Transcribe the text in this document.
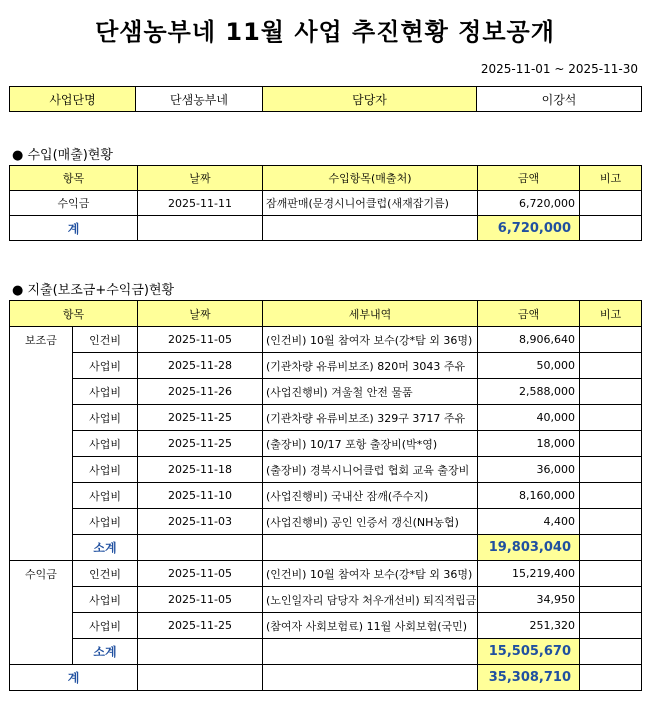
단샘농부네 11월 사업 추진현황 정보공개
2025-11-01 ~ 2025-11-30
사업단명	단샘농부네	담당자	이강석
● 수입(매출)현황
항목	날짜	수입항목(매출처)	금액	비고
수익금	2025-11-11	잠깨판매(문경시니어클럽(새재잡기름)	6,720,000	
계			6,720,000	
● 지출(보조금+수익금)현황
항목		날짜	세부내역	금액	비고
보조금	인건비	2025-11-05	(인건비) 10월 참여자 보수(강*탐 외 36명)	8,906,640	
	사업비	2025-11-28	(기관차량 유류비보조) 820머 3043 주유	50,000	
	사업비	2025-11-26	(사업진행비) 겨울철 안전 물품	2,588,000	
	사업비	2025-11-25	(기관차량 유류비보조) 329구 3717 주유	40,000	
	사업비	2025-11-25	(출장비) 10/17 포항 출장비(박*영)	18,000	
	사업비	2025-11-18	(출장비) 경북시니어클럽 협회 교육 출장비	36,000	
	사업비	2025-11-10	(사업진행비) 국내산 잠깨(주수지)	8,160,000	
	사업비	2025-11-03	(사업진행비) 공인 인증서 갱신(NH농협)	4,400	
	소계			19,803,040	
수익금	인건비	2025-11-05	(인건비) 10월 참여자 보수(강*탐 외 36명)	15,219,400	
	사업비	2025-11-05	(노인일자리 담당자 처우개선비) 퇴직적립금	34,950	
	사업비	2025-11-25	(참여자 사회보험료) 11월 사회보험(국민)	251,320	
	소계			15,505,670	
계				35,308,710	
